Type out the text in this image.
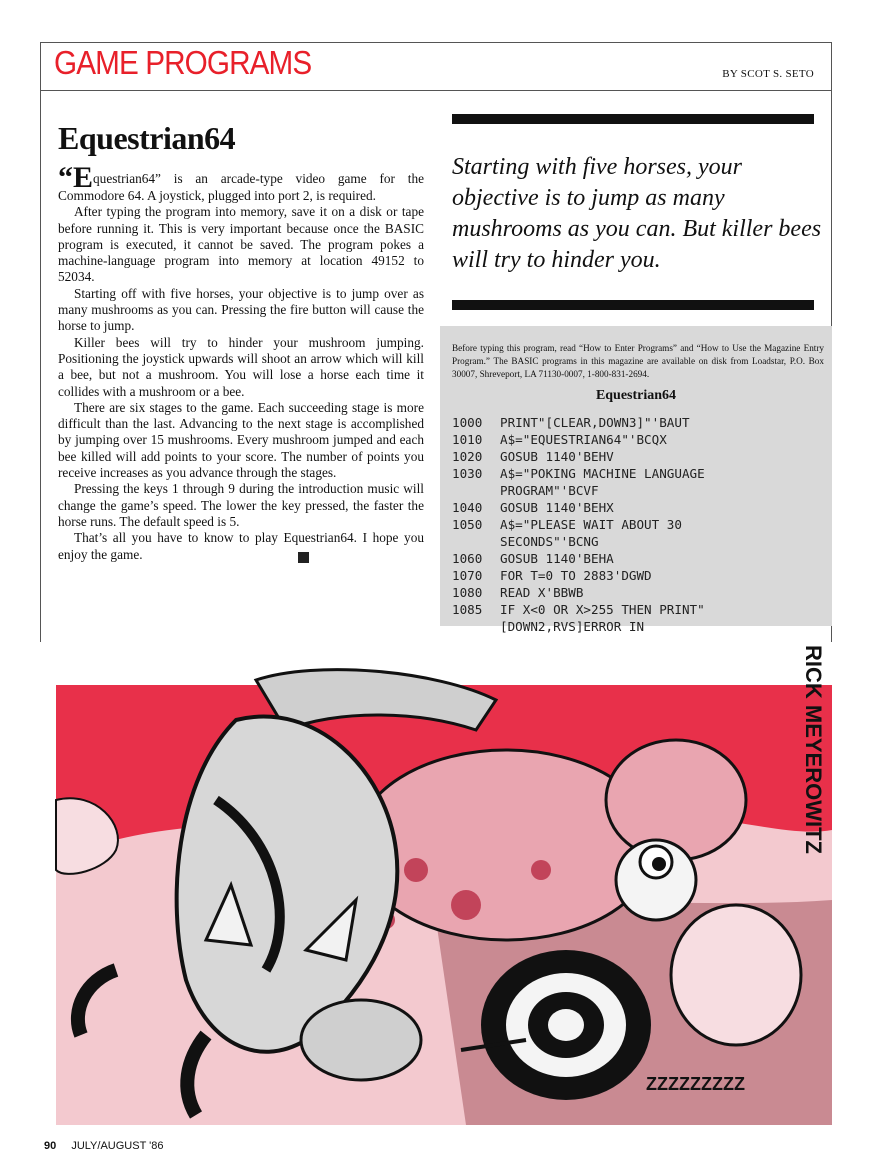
GAME PROGRAMS	BY SCOT S. SETO
Equestrian64

“Equestrian64” is an arcade-type video game for the Commodore 64. A joystick, plugged into port 2, is required.

After typing the program into memory, save it on a disk or tape before running it. This is very important because once the BASIC program is executed, it cannot be saved. The program pokes a machine-language program into memory at location 49152 to 52034.

Starting off with five horses, your objective is to jump over as many mushrooms as you can. Pressing the fire button will cause the horse to jump.

Killer bees will try to hinder your mushroom jumping. Positioning the joystick upwards will shoot an arrow which will kill a bee, but not a mushroom. You will lose a horse each time it collides with a mushroom or a bee.

There are six stages to the game. Each succeeding stage is more difficult than the last. Advancing to the next stage is accomplished by jumping over 15 mushrooms. Every mushroom jumped and each bee killed will add points to your score. The number of points you receive increases as you advance through the stages.

Pressing the keys 1 through 9 during the introduction music will change the game’s speed. The lower the key pressed, the faster the horse runs. The default speed is 5.

That’s all you have to know to play Equestrian64. I hope you enjoy the game.	C

Starting with five horses, your objective is to jump as many mushrooms as you can. But killer bees will try to hinder you.
Before typing this program, read “How to Enter Programs” and “How to Use the Magazine Entry Program.” The BASIC programs in this magazine are available on disk from Loadstar, P.O. Box 30007, Shreveport, LA 71130-0007, 1-800-831-2694.
Equestrian64
1000	PRINT"[CLEAR,DOWN3]"'BAUT
1010	A$="EQUESTRIAN64"'BCQX
1020	GOSUB 1140'BEHV
1030	A$="POKING MACHINE LANGUAGE
PROGRAM"'BCVF
1040	GOSUB 1140'BEHX
1050	A$="PLEASE WAIT ABOUT 30
SECONDS"'BCNG
1060	GOSUB 1140'BEHA
1070	FOR T=0 TO 2883'DGWD
1080	READ X'BBWB
1085	IF X<0 OR X>255 THEN PRINT"
[DOWN2,RVS]ERROR IN
ZZZZZZZZZ
RICK MEYEROWITZ
90 JULY/AUGUST '86
